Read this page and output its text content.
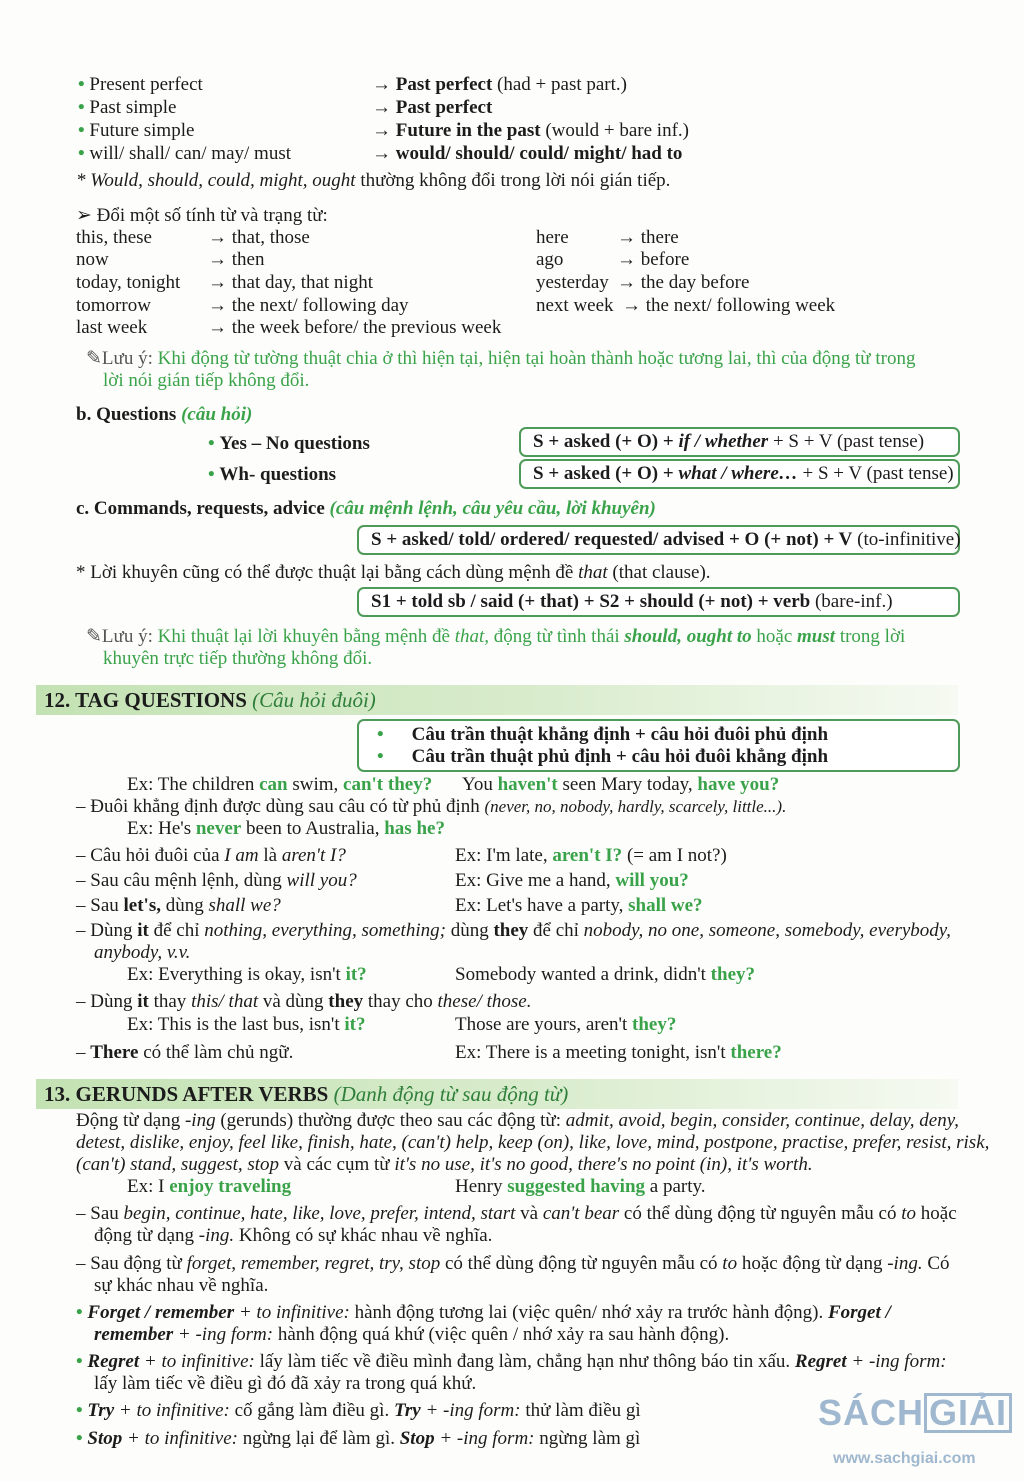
• Present perfect	→ Past perfect (had + past part.)
• Past simple	→ Past perfect
• Future simple	→ Future in the past (would + bare inf.)
• will/ shall/ can/ may/ must	→ would/ should/ could/ might/ had to
* Would, should, could, might, ought thường không đổi trong lời nói gián tiếp.
➢ Đổi một số tính từ và trạng từ:
this, these	→ that, those
now	→ then
today, tonight → that day, that night
tomorrow	→ the next/ following day
last week	→ the week before/ the previous week
here	→ there
ago	→ before
yesterday → the day before
next week → the next/ following week
✎Lưu ý: Khi động từ tường thuật chia ở thì hiện tại, hiện tại hoàn thành hoặc tương lai, thì của động từ trong
lời nói gián tiếp không đổi.
b. Questions (câu hỏi)
• Yes – No questions
• Wh- questions
S + asked (+ O) + if / whether + S + V (past tense)
S + asked (+ O) + what / where… + S + V (past tense)
c. Commands, requests, advice (câu mệnh lệnh, câu yêu cầu, lời khuyên)
S + asked/ told/ ordered/ requested/ advised + O (+ not) + V (to-infinitive)
* Lời khuyên cũng có thể được thuật lại bằng cách dùng mệnh đề that (that clause).
S1 + told sb / said (+ that) + S2 + should (+ not) + verb (bare-inf.)
✎Lưu ý: Khi thuật lại lời khuyên bằng mệnh đề that, động từ tình thái should, ought to hoặc must trong lời
khuyên trực tiếp thường không đổi.
12. TAG QUESTIONS (Câu hỏi đuôi)
• Câu trần thuật khẳng định + câu hỏi đuôi phủ định
• Câu trần thuật phủ định + câu hỏi đuôi khẳng định
Ex: The children can swim, can't they? You haven't seen Mary today, have you?
– Đuôi khẳng định được dùng sau câu có từ phủ định (never, no, nobody, hardly, scarcely, little...).
Ex: He's never been to Australia, has he?
– Câu hỏi đuôi của I am là aren't I?	Ex: I'm late, aren't I? (= am I not?)
– Sau câu mệnh lệnh, dùng will you?	Ex: Give me a hand, will you?
– Sau let's, dùng shall we?	Ex: Let's have a party, shall we?
– Dùng it để chỉ nothing, everything, something; dùng they để chỉ nobody, no one, someone, somebody, everybody,
anybody, v.v.
Ex: Everything is okay, isn't it?	Somebody wanted a drink, didn't they?
– Dùng it thay this/ that và dùng they thay cho these/ those.
Ex: This is the last bus, isn't it?	Those are yours, aren't they?
– There có thể làm chủ ngữ.	Ex: There is a meeting tonight, isn't there?
13. GERUNDS AFTER VERBS (Danh động từ sau động từ)
Động từ dạng -ing (gerunds) thường được theo sau các động từ: admit, avoid, begin, consider, continue, delay, deny,
detest, dislike, enjoy, feel like, finish, hate, (can't) help, keep (on), like, love, mind, postpone, practise, prefer, resist, risk,
(can't) stand, suggest, stop và các cụm từ it's no use, it's no good, there's no point (in), it's worth.
Ex: I enjoy traveling	Henry suggested having a party.
– Sau begin, continue, hate, like, love, prefer, intend, start và can't bear có thể dùng động từ nguyên mẫu có to hoặc
động từ dạng -ing. Không có sự khác nhau về nghĩa.
– Sau động từ forget, remember, regret, try, stop có thể dùng động từ nguyên mẫu có to hoặc động từ dạng -ing. Có
sự khác nhau về nghĩa.
• Forget / remember + to infinitive: hành động tương lai (việc quên/ nhớ xảy ra trước hành động). Forget /
remember + -ing form: hành động quá khứ (việc quên / nhớ xảy ra sau hành động).
• Regret + to infinitive: lấy làm tiếc về điều mình đang làm, chẳng hạn như thông báo tin xấu. Regret + -ing form:
lấy làm tiếc về điều gì đó đã xảy ra trong quá khứ.
• Try + to infinitive: cố gắng làm điều gì. Try + -ing form: thử làm điều gì
• Stop + to infinitive: ngừng lại để làm gì. Stop + -ing form: ngừng làm gì
SÁCH GIẢI
www.sachgiai.com
